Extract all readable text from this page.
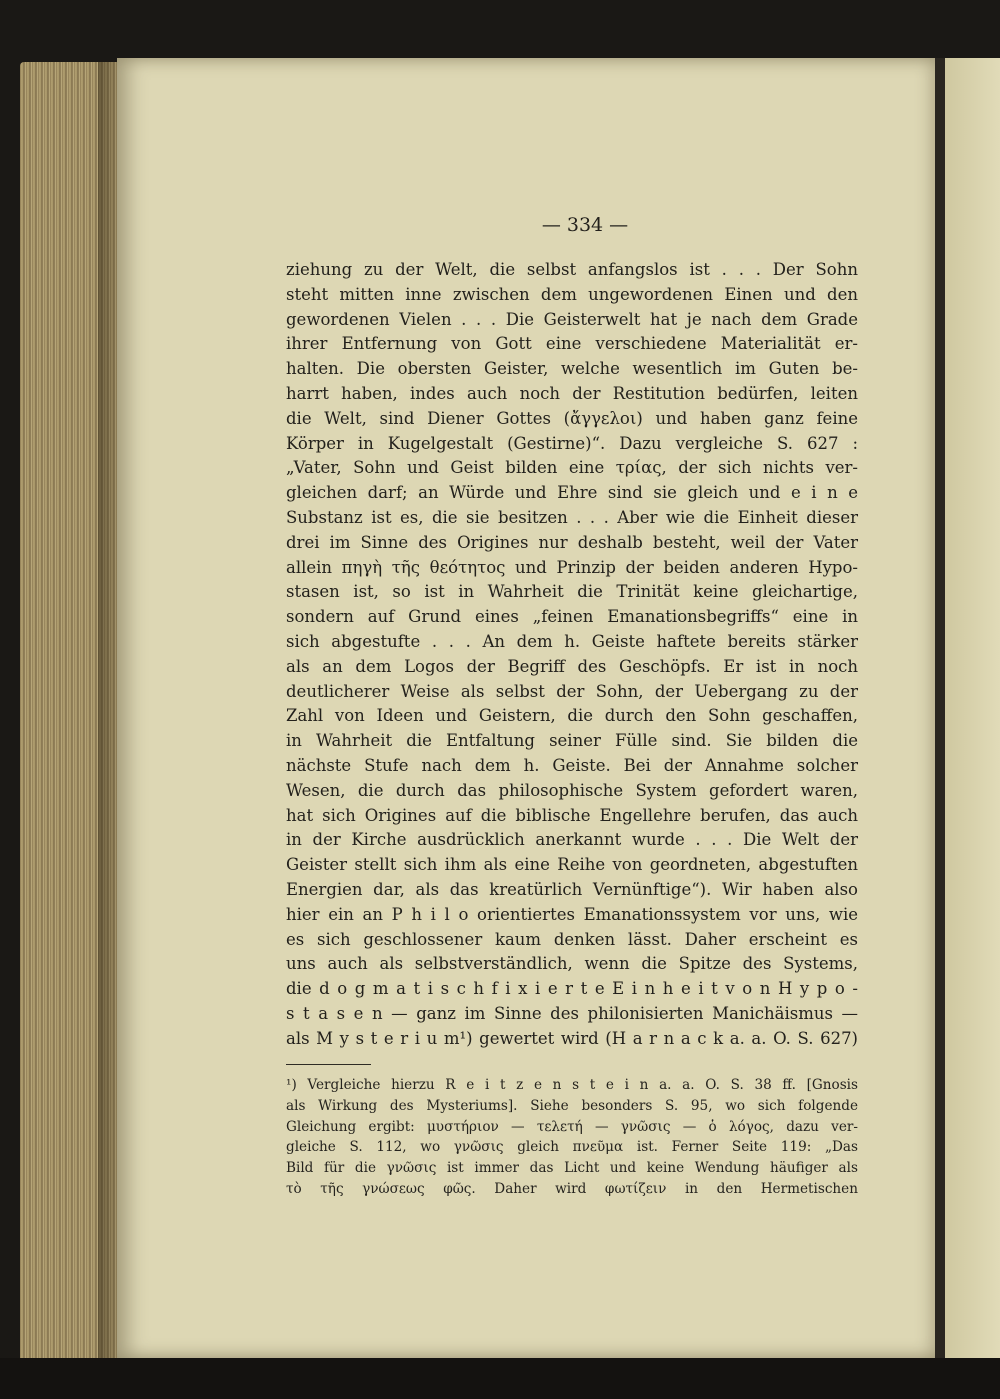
— 334 —
ziehung zu der Welt, die selbst anfangslos ist . . . Der Sohn
steht mitten inne zwischen dem ungewordenen Einen und den
gewordenen Vielen . . . Die Geisterwelt hat je nach dem Grade
ihrer Entfernung von Gott eine verschiedene Materialität er-
halten. Die obersten Geister, welche wesentlich im Guten be-
harrt haben, indes auch noch der Restitution bedürfen, leiten
die Welt, sind Diener Gottes (ἄγγελοι) und haben ganz feine
Körper in Kugelgestalt (Gestirne)“. Dazu vergleiche S. 627 :
„Vater, Sohn und Geist bilden eine τρίας, der sich nichts ver-
gleichen darf; an Würde und Ehre sind sie gleich und e i n e
Substanz ist es, die sie besitzen . . . Aber wie die Einheit dieser
drei im Sinne des Origines nur deshalb besteht, weil der Vater
allein πηγὴ τῆς θεότητος und Prinzip der beiden anderen Hypo-
stasen ist, so ist in Wahrheit die Trinität keine gleichartige,
sondern auf Grund eines „feinen Emanationsbegriffs“ eine in
sich abgestufte . . . An dem h. Geiste haftete bereits stärker
als an dem Logos der Begriff des Geschöpfs. Er ist in noch
deutlicherer Weise als selbst der Sohn, der Uebergang zu der
Zahl von Ideen und Geistern, die durch den Sohn geschaffen,
in Wahrheit die Entfaltung seiner Fülle sind. Sie bilden die
nächste Stufe nach dem h. Geiste. Bei der Annahme solcher
Wesen, die durch das philosophische System gefordert waren,
hat sich Origines auf die biblische Engellehre berufen, das auch
in der Kirche ausdrücklich anerkannt wurde . . . Die Welt der
Geister stellt sich ihm als eine Reihe von geordneten, abgestuften
Energien dar, als das kreatürlich Vernünftige“). Wir haben also
hier ein an P h i l o orientiertes Emanationssystem vor uns, wie
es sich geschlossener kaum denken lässt. Daher erscheint es
uns auch als selbstverständlich, wenn die Spitze des Systems,
die d o g m a t i s c h f i x i e r t e E i n h e i t v o n H y p o -
s t a s e n — ganz im Sinne des philonisierten Manichäismus —
als M y s t e r i u m¹) gewertet wird (H a r n a c k a. a. O. S. 627)
¹) Vergleiche hierzu R e i t z e n s t e i n a. a. O. S. 38 ff. [Gnosis
als Wirkung des Mysteriums]. Siehe besonders S. 95, wo sich folgende
Gleichung ergibt: μυστήριον — τελετή — γνῶσις — ὁ λόγος, dazu ver-
gleiche S. 112, wo γνῶσις gleich πνεῦμα ist. Ferner Seite 119: „Das
Bild für die γνῶσις ist immer das Licht und keine Wendung häufiger als
τὸ τῆς γνώσεως φῶς. Daher wird φωτίζειν in den Hermetischen
